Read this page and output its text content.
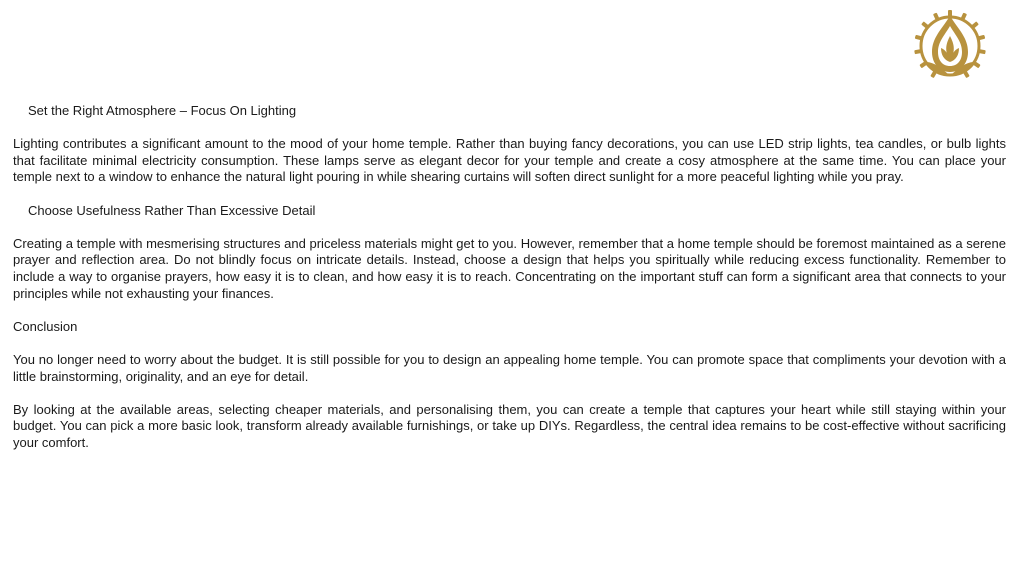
Set the Right Atmosphere – Focus On Lighting

Lighting contributes a significant amount to the mood of your home temple. Rather than buying fancy decorations, you can use LED strip lights, tea candles, or bulb lights that facilitate minimal electricity consumption. These lamps serve as elegant decor for your temple and create a cosy atmosphere at the same time. You can place your temple next to a window to enhance the natural light pouring in while shearing curtains will soften direct sunlight for a more peaceful lighting while you pray.

Choose Usefulness Rather Than Excessive Detail

Creating a temple with mesmerising structures and priceless materials might get to you. However, remember that a home temple should be foremost maintained as a serene prayer and reflection area. Do not blindly focus on intricate details. Instead, choose a design that helps you spiritually while reducing excess functionality. Remember to include a way to organise prayers, how easy it is to clean, and how easy it is to reach. Concentrating on the important stuff can form a significant area that connects to your principles while not exhausting your finances.

Conclusion

You no longer need to worry about the budget. It is still possible for you to design an appealing home temple. You can promote space that compliments your devotion with a little brainstorming, originality, and an eye for detail.

By looking at the available areas, selecting cheaper materials, and personalising them, you can create a temple that captures your heart while still staying within your budget. You can pick a more basic look, transform already available furnishings, or take up DIYs. Regardless, the central idea remains to be cost-effective without sacrificing your comfort.
